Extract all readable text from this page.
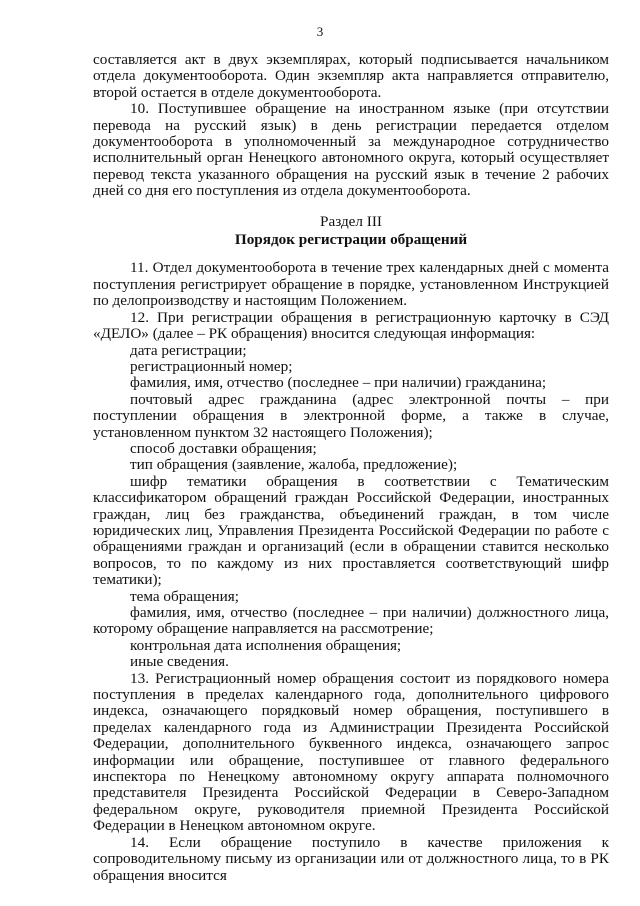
3

составляется акт в двух экземплярах, который подписывается начальником отдела документооборота. Один экземпляр акта направляется отправителю, второй остается в отделе документооборота.

10. Поступившее обращение на иностранном языке (при отсутствии перевода на русский язык) в день регистрации передается отделом документооборота в уполномоченный за международное сотрудничество исполнительный орган Ненецкого автономного округа, который осуществляет перевод текста указанного обращения на русский язык в течение 2 рабочих дней со дня его поступления из отдела документооборота.

Раздел III

Порядок регистрации обращений

11. Отдел документооборота в течение трех календарных дней с момента поступления регистрирует обращение в порядке, установленном Инструкцией по делопроизводству и настоящим Положением.

12. При регистрации обращения в регистрационную карточку в СЭД «ДЕЛО» (далее – РК обращения) вносится следующая информация:

дата регистрации;

регистрационный номер;

фамилия, имя, отчество (последнее – при наличии) гражданина;

почтовый адрес гражданина (адрес электронной почты – при поступлении обращения в электронной форме, а также в случае, установленном пунктом 32 настоящего Положения);

способ доставки обращения;

тип обращения (заявление, жалоба, предложение);

шифр тематики обращения в соответствии с Тематическим классификатором обращений граждан Российской Федерации, иностранных граждан, лиц без гражданства, объединений граждан, в том числе юридических лиц, Управления Президента Российской Федерации по работе с обращениями граждан и организаций (если в обращении ставится несколько вопросов, то по каждому из них проставляется соответствующий шифр тематики);

тема обращения;

фамилия, имя, отчество (последнее – при наличии) должностного лица, которому обращение направляется на рассмотрение;

контрольная дата исполнения обращения;

иные сведения.

13. Регистрационный номер обращения состоит из порядкового номера поступления в пределах календарного года, дополнительного цифрового индекса, означающего порядковый номер обращения, поступившего в пределах календарного года из Администрации Президента Российской Федерации, дополнительного буквенного индекса, означающего запрос информации или обращение, поступившее от главного федерального инспектора по Ненецкому автономному округу аппарата полномочного представителя Президента Российской Федерации в Северо-Западном федеральном округе, руководителя приемной Президента Российской Федерации в Ненецком автономном округе.

14. Если обращение поступило в качестве приложения к сопроводительному письму из организации или от должностного лица, то в РК обращения вносится
